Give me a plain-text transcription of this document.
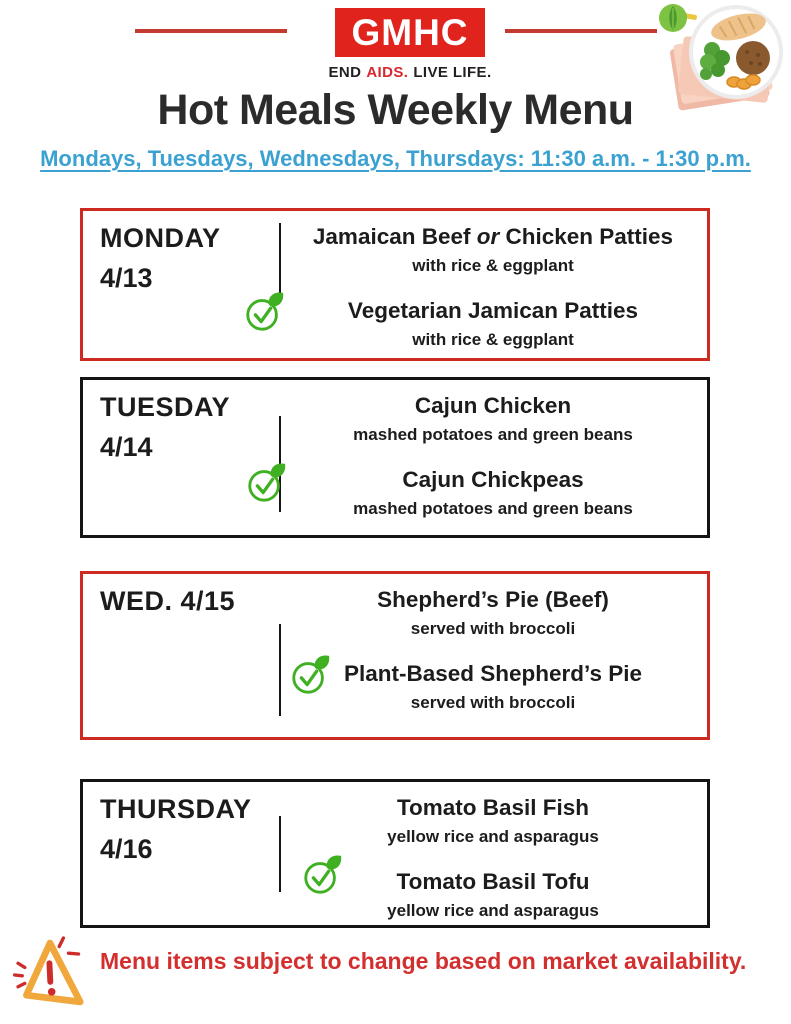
GMHC
END AIDS. LIVE LIFE.
Hot Meals Weekly Menu
Mondays, Tuesdays, Wednesdays, Thursdays: 11:30 a.m. - 1:30 p.m.
MONDAY
4/13
Jamaican Beef or Chicken Patties
with rice & eggplant
Vegetarian Jamican Patties
with rice & eggplant
TUESDAY
4/14
Cajun Chicken
mashed potatoes and green beans
Cajun Chickpeas
mashed potatoes and green beans
WED. 4/15	Shepherd’s Pie (Beef)
served with broccoli
Plant-Based Shepherd’s Pie
served with broccoli
THURSDAY
4/16
Tomato Basil Fish
yellow rice and asparagus
Tomato Basil Tofu
yellow rice and asparagus
Menu items subject to change based on market availability.
